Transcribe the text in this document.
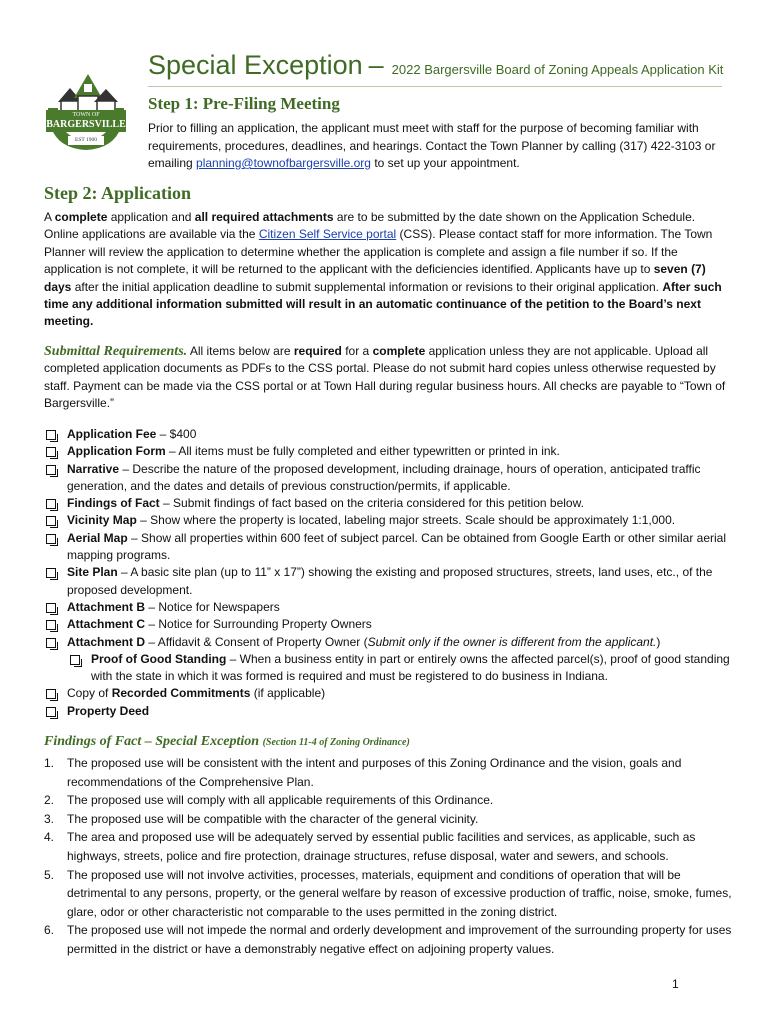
TOWN OF
BARGERSVILLE
EST 1900
Special Exception – 2022 Bargersville Board of Zoning Appeals Application Kit
Step 1: Pre-Filing Meeting
Prior to filling an application, the applicant must meet with staff for the purpose of becoming familiar with requirements, procedures, deadlines, and hearings. Contact the Town Planner by calling (317) 422-3103 or emailing planning@townofbargersville.org to set up your appointment.
Step 2: Application
A complete application and all required attachments are to be submitted by the date shown on the Application Schedule. Online applications are available via the Citizen Self Service portal (CSS). Please contact staff for more information. The Town Planner will review the application to determine whether the application is complete and assign a file number if so. If the application is not complete, it will be returned to the applicant with the deficiencies identified. Applicants have up to seven (7) days after the initial application deadline to submit supplemental information or revisions to their original application. After such time any additional information submitted will result in an automatic continuance of the petition to the Board’s next meeting.
Submittal Requirements. All items below are required for a complete application unless they are not applicable. Upload all completed application documents as PDFs to the CSS portal. Please do not submit hard copies unless otherwise requested by staff. Payment can be made via the CSS portal or at Town Hall during regular business hours. All checks are payable to “Town of Bargersville.”
Application Fee – $400
Application Form – All items must be fully completed and either typewritten or printed in ink.
Narrative – Describe the nature of the proposed development, including drainage, hours of operation, anticipated traffic generation, and the dates and details of previous construction/permits, if applicable.
Findings of Fact – Submit findings of fact based on the criteria considered for this petition below.
Vicinity Map – Show where the property is located, labeling major streets. Scale should be approximately 1:1,000.
Aerial Map – Show all properties within 600 feet of subject parcel. Can be obtained from Google Earth or other similar aerial mapping programs.
Site Plan – A basic site plan (up to 11” x 17”) showing the existing and proposed structures, streets, land uses, etc., of the proposed development.
Attachment B – Notice for Newspapers
Attachment C – Notice for Surrounding Property Owners
Attachment D – Affidavit & Consent of Property Owner (Submit only if the owner is different from the applicant.)
Proof of Good Standing – When a business entity in part or entirely owns the affected parcel(s), proof of good standing with the state in which it was formed is required and must be registered to do business in Indiana.
Copy of Recorded Commitments (if applicable)
Property Deed
Findings of Fact – Special Exception (Section 11-4 of Zoning Ordinance)
1. The proposed use will be consistent with the intent and purposes of this Zoning Ordinance and the vision, goals and recommendations of the Comprehensive Plan.
2. The proposed use will comply with all applicable requirements of this Ordinance.
3. The proposed use will be compatible with the character of the general vicinity.
4. The area and proposed use will be adequately served by essential public facilities and services, as applicable, such as highways, streets, police and fire protection, drainage structures, refuse disposal, water and sewers, and schools.
5. The proposed use will not involve activities, processes, materials, equipment and conditions of operation that will be detrimental to any persons, property, or the general welfare by reason of excessive production of traffic, noise, smoke, fumes, glare, odor or other characteristic not comparable to the uses permitted in the zoning district.
6. The proposed use will not impede the normal and orderly development and improvement of the surrounding property for uses permitted in the district or have a demonstrably negative effect on adjoining property values.
1
